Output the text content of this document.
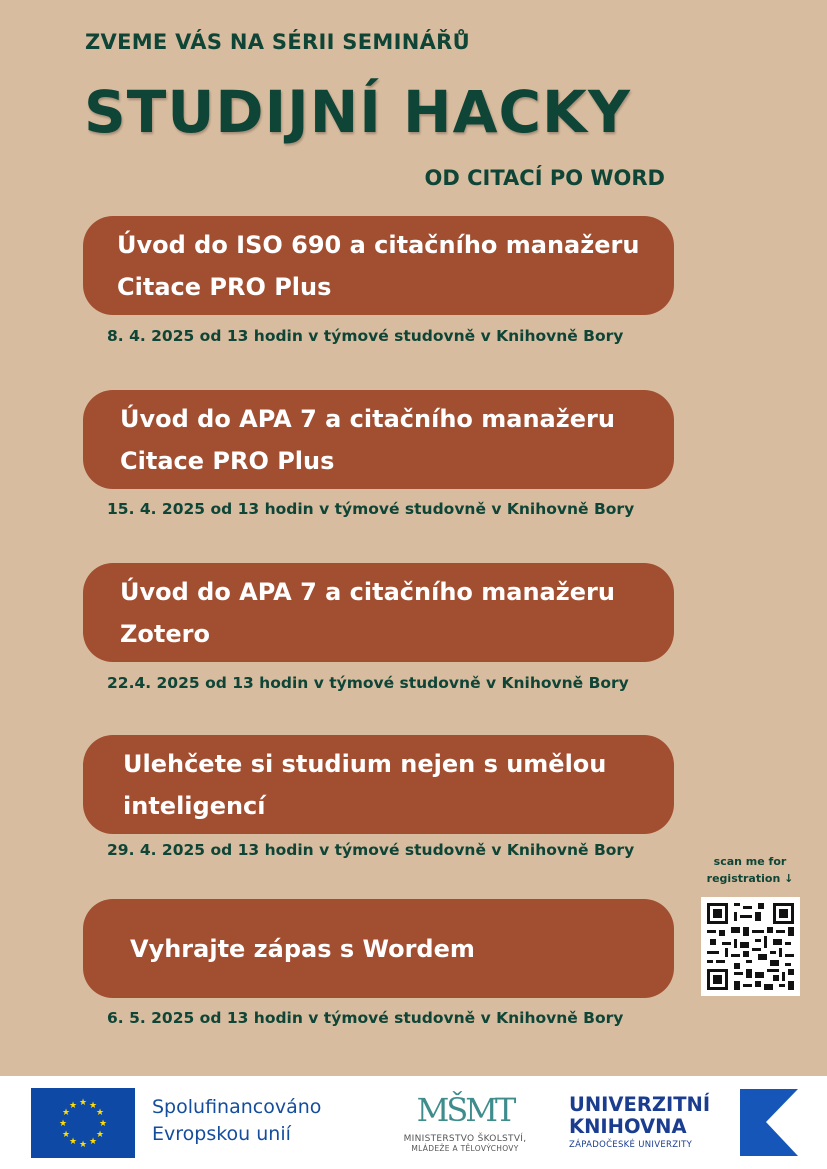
ZVEME VÁS NA SÉRII SEMINÁŘŮ
STUDIJNÍ HACKY
OD CITACÍ PO WORD
Úvod do ISO 690 a citačního manažeru
Citace PRO Plus
8. 4. 2025 od 13 hodin v týmové studovně v Knihovně Bory
Úvod do APA 7 a citačního manažeru
Citace PRO Plus
15. 4. 2025 od 13 hodin v týmové studovně v Knihovně Bory
Úvod do APA 7 a citačního manažeru
Zotero
22.4. 2025 od 13 hodin v týmové studovně v Knihovně Bory
Ulehčete si studium nejen s umělou
inteligencí
29. 4. 2025 od 13 hodin v týmové studovně v Knihovně Bory
Vyhrajte zápas s Wordem
6. 5. 2025 od 13 hodin v týmové studovně v Knihovně Bory
scan me for
registration ↓
★ ★
★
★
★
★
★
★
★
★
★
★	Spolufinancováno
Evropskou unií
MŠMT
MINISTERSTVO ŠKOLSTVÍ,
MLÁDEŽE A TĚLOVÝCHOVY
UNIVERZITNÍ
KNIHOVNA
ZÁPADOČESKÉ UNIVERZITY
